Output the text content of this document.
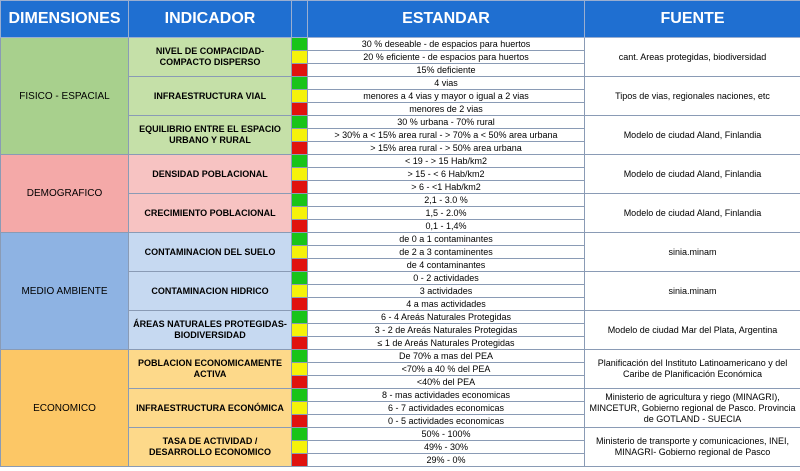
DIMENSIONES	INDICADOR		ESTANDAR	FUENTE
FISICO - ESPACIAL	NIVEL DE COMPACIDAD-COMPACTO DISPERSO		30 % deseable - de espacios para huertos	cant. Areas protegidas, biodiversidad
			20 % eficiente - de espacios para huertos	
			15% deficiente	
	INFRAESTRUCTURA VIAL		4 vias	Tipos de vias, regionales naciones, etc
			menores a 4 vias y mayor o igual a 2 vias	
			menores de 2 vias	
	EQUILIBRIO ENTRE EL ESPACIO URBANO Y RURAL		30 % urbana - 70% rural	Modelo de ciudad Aland, Finlandia
			> 30% a < 15% area rural - > 70% a < 50% area urbana	
			> 15% area rural - > 50% area urbana	
DEMOGRAFICO	DENSIDAD POBLACIONAL		< 19 - > 15 Hab/km2	Modelo de ciudad Aland, Finlandia
			> 15 - < 6 Hab/km2	
			> 6 - <1 Hab/km2	
	CRECIMIENTO POBLACIONAL		2,1 - 3.0 %	Modelo de ciudad Aland, Finlandia
			1,5 - 2.0%	
			0,1 - 1,4%	
MEDIO AMBIENTE	CONTAMINACION DEL SUELO		de 0 a 1 contaminantes	sinia.minam
			de 2 a 3 contaminentes	
			de 4 contaminantes	
	CONTAMINACION HIDRICO		0 - 2 actividades	sinia.minam
			3 actividades	
			4 a mas actividades	
	ÁREAS NATURALES PROTEGIDAS- BIODIVERSIDAD		6 - 4 Areás Naturales Protegidas	Modelo de ciudad Mar del Plata, Argentina
			3 - 2 de Areás Naturales Protegidas	
			≤ 1 de Areás Naturales Protegidas	
ECONOMICO	POBLACION ECONOMICAMENTE ACTIVA		De 70% a mas del PEA	Planificación del Instituto Latinoamericano y del Caribe de Planificación Económica
			<70% a 40 % del PEA	
			<40% del PEA	
	INFRAESTRUCTURA ECONÓMICA		8 - mas actividades economicas	Ministerio de agricultura y riego (MINAGRI), MINCETUR, Gobierno regional de Pasco. Provincia de GOTLAND - SUECIA
			6 - 7 actividades economicas	
			0 - 5 actividades economicas	
	TASA DE ACTIVIDAD / DESARROLLO ECONOMICO		50% - 100%	Ministerio de transporte y comunicaciones, INEI, MINAGRI- Gobierno regional de Pasco
			49% - 30%	
			29% - 0%	
